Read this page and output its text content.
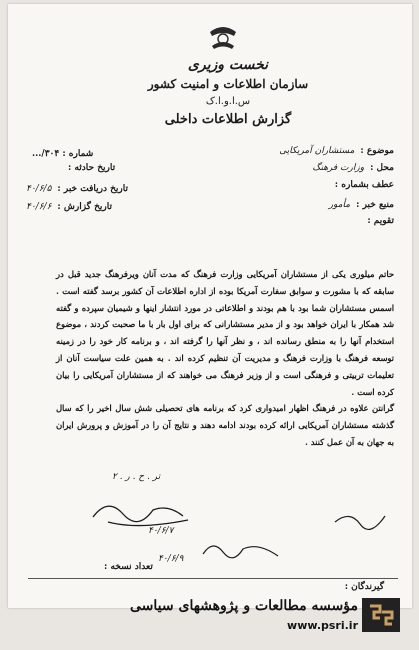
نخست وزیری
سازمان اطلاعات و امنیت کشور
س.ا.و.ا.ک
گزارش اطلاعات داخلی
موضوع :مستشاران آمریکایی
محل :وزارت فرهنگ
عطف بشماره :
منبع خبر :مأمور
تقویم :
شماره : ۳۰۴/...
تاریخ حادثه :
تاریخ دریافت خبر :۴۰/۶/۵
تاریخ گزارش :۴۰/۶/۶

حاتم میلوری یکی از مستشاران آمریکایی وزارت فرهنگ که مدت آنان ویرفرهنگ جدید قبل در سابقه که با مشورت و سوابق سفارت آمریکا بوده از اداره اطلاعات آن کشور برسد گفته است . اسمس مستشاران شما بود با هم بودند و اطلاعاتی در مورد انتشار اینها و شیمیان سپرده و گفته شد همکار با ایران خواهد بود و از مدیر مستشارانی که برای اول بار با ما صحبت کردند ، موضوع استخدام آنها را به منطق رسانده اند ، و نظر آنها را گرفته اند ، و برنامه کار خود را در زمینه توسعه فرهنگ با وزارت فرهنگ و مدیریت آن تنظیم کرده اند . به همین علت سیاست آنان از تعلیمات تربیتی و فرهنگی است و از وزیر فرهنگ می خواهند که از مستشاران آمریکایی را بیان کرده است .

گرانتن علاوه در فرهنگ اظهار امیدواری کرد که برنامه های تحصیلی شش سال اخیر را که سال گذشته مستشاران آمریکایی ارائه کرده بودند ادامه دهند و نتایج آن را در آموزش و پرورش ایران به جهان به آن عمل کنند .

تر . ح . ر . ۲
۴۰/۶/۷
۴۰/۶/۹
گیرندگان :
تعداد نسخه :
مؤسسه مطالعات و پژوهشهای سیاسی
www.psri.ir
